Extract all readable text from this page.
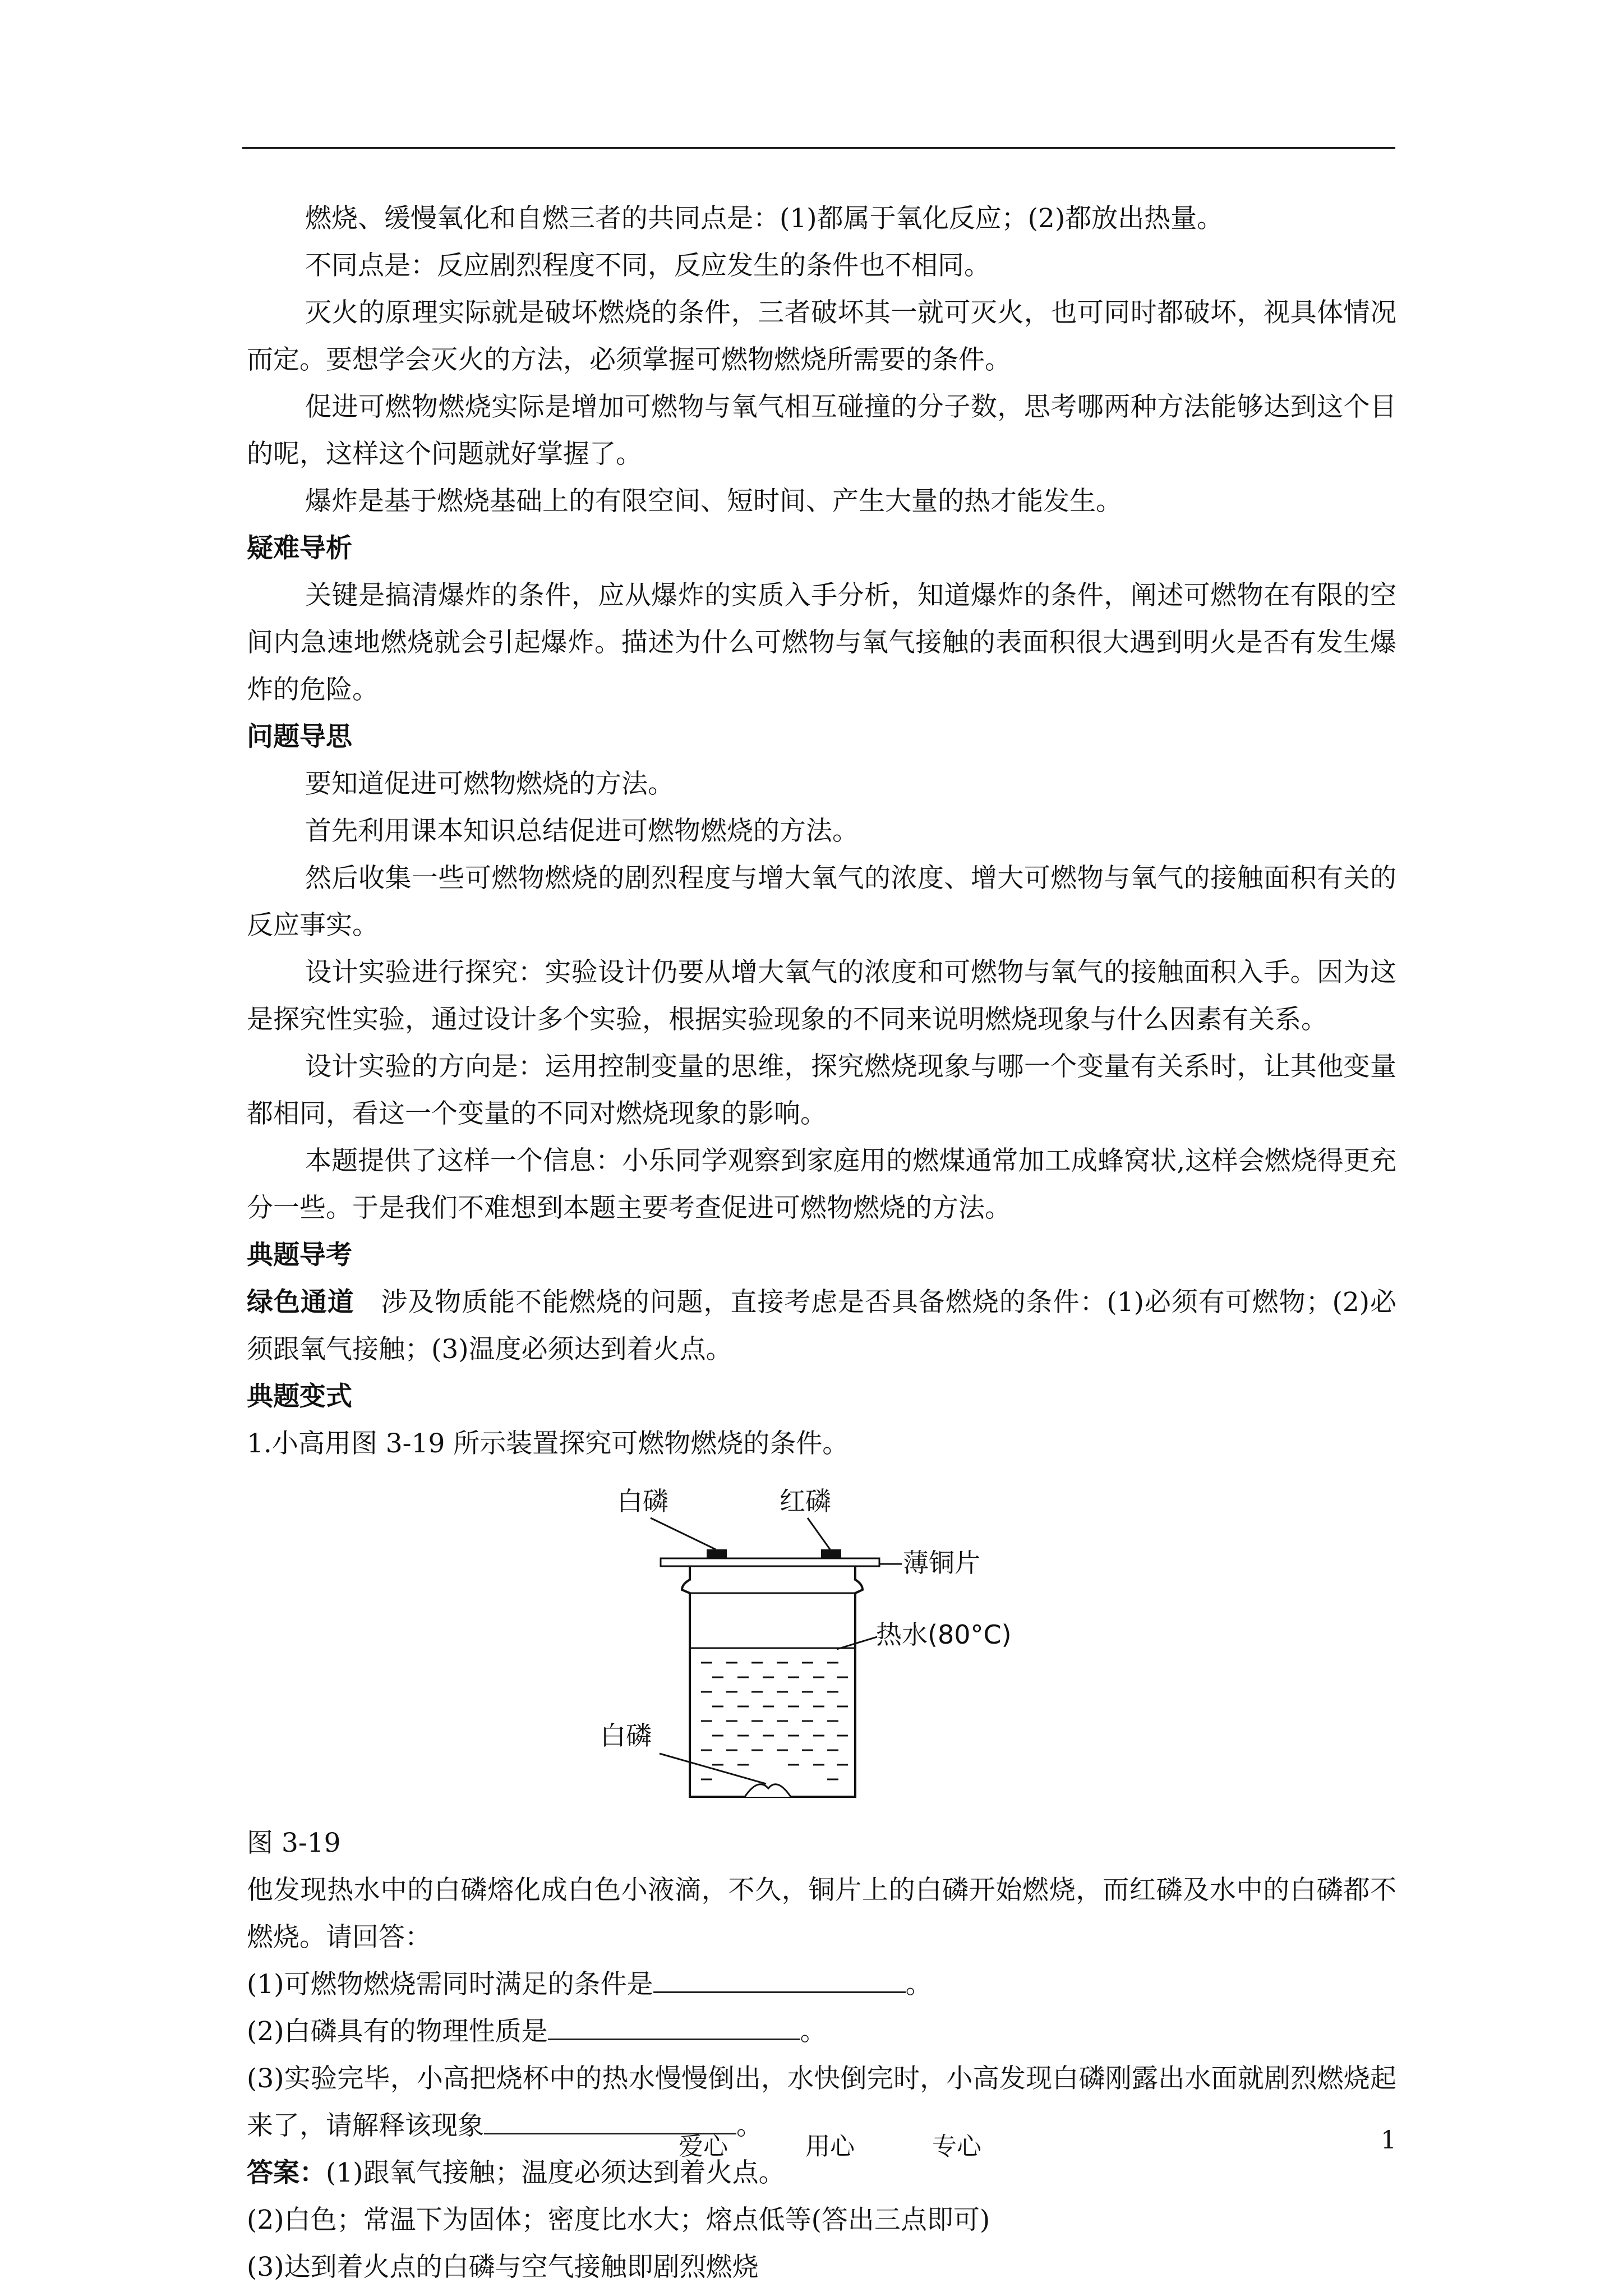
燃烧、缓慢氧化和自燃三者的共同点是：(1)都属于氧化反应；(2)都放出热量。

不同点是：反应剧烈程度不同，反应发生的条件也不相同。

灭火的原理实际就是破坏燃烧的条件，三者破坏其一就可灭火，也可同时都破坏，视具体情况而定。要想学会灭火的方法，必须掌握可燃物燃烧所需要的条件。

促进可燃物燃烧实际是增加可燃物与氧气相互碰撞的分子数，思考哪两种方法能够达到这个目的呢，这样这个问题就好掌握了。

爆炸是基于燃烧基础上的有限空间、短时间、产生大量的热才能发生。

疑难导析

关键是搞清爆炸的条件，应从爆炸的实质入手分析，知道爆炸的条件，阐述可燃物在有限的空间内急速地燃烧就会引起爆炸。描述为什么可燃物与氧气接触的表面积很大遇到明火是否有发生爆炸的危险。

问题导思

要知道促进可燃物燃烧的方法。

首先利用课本知识总结促进可燃物燃烧的方法。

然后收集一些可燃物燃烧的剧烈程度与增大氧气的浓度、增大可燃物与氧气的接触面积有关的反应事实。

设计实验进行探究：实验设计仍要从增大氧气的浓度和可燃物与氧气的接触面积入手。因为这是探究性实验，通过设计多个实验，根据实验现象的不同来说明燃烧现象与什么因素有关系。

设计实验的方向是：运用控制变量的思维，探究燃烧现象与哪一个变量有关系时，让其他变量都相同，看这一个变量的不同对燃烧现象的影响。

本题提供了这样一个信息：小乐同学观察到家庭用的燃煤通常加工成蜂窝状,这样会燃烧得更充分一些。于是我们不难想到本题主要考查促进可燃物燃烧的方法。

典题导考

绿色通道 涉及物质能不能燃烧的问题，直接考虑是否具备燃烧的条件：(1)必须有可燃物；(2)必须跟氧气接触；(3)温度必须达到着火点。

典题变式

1.小高用图 3-19 所示装置探究可燃物燃烧的条件。

白磷	红磷
薄铜片
热水(80°C)
白磷

图 3-19

他发现热水中的白磷熔化成白色小液滴，不久，铜片上的白磷开始燃烧，而红磷及水中的白磷都不燃烧。请回答：

(1)可燃物燃烧需同时满足的条件是	。

(2)白磷具有的物理性质是	。

(3)实验完毕，小高把烧杯中的热水慢慢倒出，水快倒完时，小高发现白磷刚露出水面就剧烈燃烧起来了，请解释该现象	。

答案：(1)跟氧气接触；温度必须达到着火点。

(2)白色；常温下为固体；密度比水大；熔点低等(答出三点即可)

(3)达到着火点的白磷与空气接触即剧烈燃烧

爱心	用心	专心	1
